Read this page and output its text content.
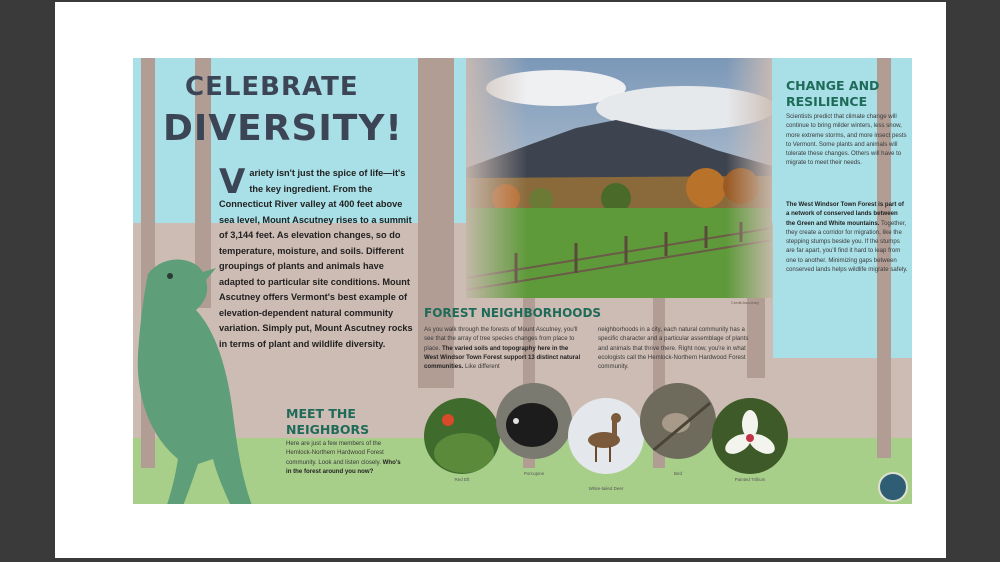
Credit Ascutney
CELEBRATE
DIVERSITY!
Variety isn't just the spice of life—it's the key ingredient. From the Connecticut River valley at 400 feet above sea level, Mount Ascutney rises to a summit of 3,144 feet. As elevation changes, so do temperature, moisture, and soils. Different groupings of plants and animals have adapted to particular site conditions. Mount Ascutney offers Vermont's best example of elevation-dependent natural community variation. Simply put, Mount Ascutney rocks in terms of plant and wildlife diversity.
CHANGE AND RESILIENCE
Scientists predict that climate change will continue to bring milder winters, less snow, more extreme storms, and more insect pests to Vermont. Some plants and animals will tolerate these changes. Others will have to migrate to meet their needs.
The West Windsor Town Forest is part of a network of conserved lands between the Green and White mountains. Together, they create a corridor for migration, like the stepping stumps beside you. If the stumps are far apart, you'll find it hard to leap from one to another. Minimizing gaps between conserved lands helps wildlife migrate safely.
FOREST NEIGHBORHOODS
As you walk through the forests of Mount Ascutney, you'll see that the array of tree species changes from place to place. The varied soils and topography here in the West Windsor Town Forest support 13 distinct natural communities. Like different
neighborhoods in a city, each natural community has a specific character and a particular assemblage of plants and animals that thrive there. Right now, you're in what ecologists call the Hemlock-Northern Hardwood Forest community.
MEET THE
NEIGHBORS
Here are just a few members of the Hemlock-Northern Hardwood Forest community. Look and listen closely. Who's in the forest around you now?
Red Eft
Porcupine
White-tailed Deer
Bird
Painted Trillium
